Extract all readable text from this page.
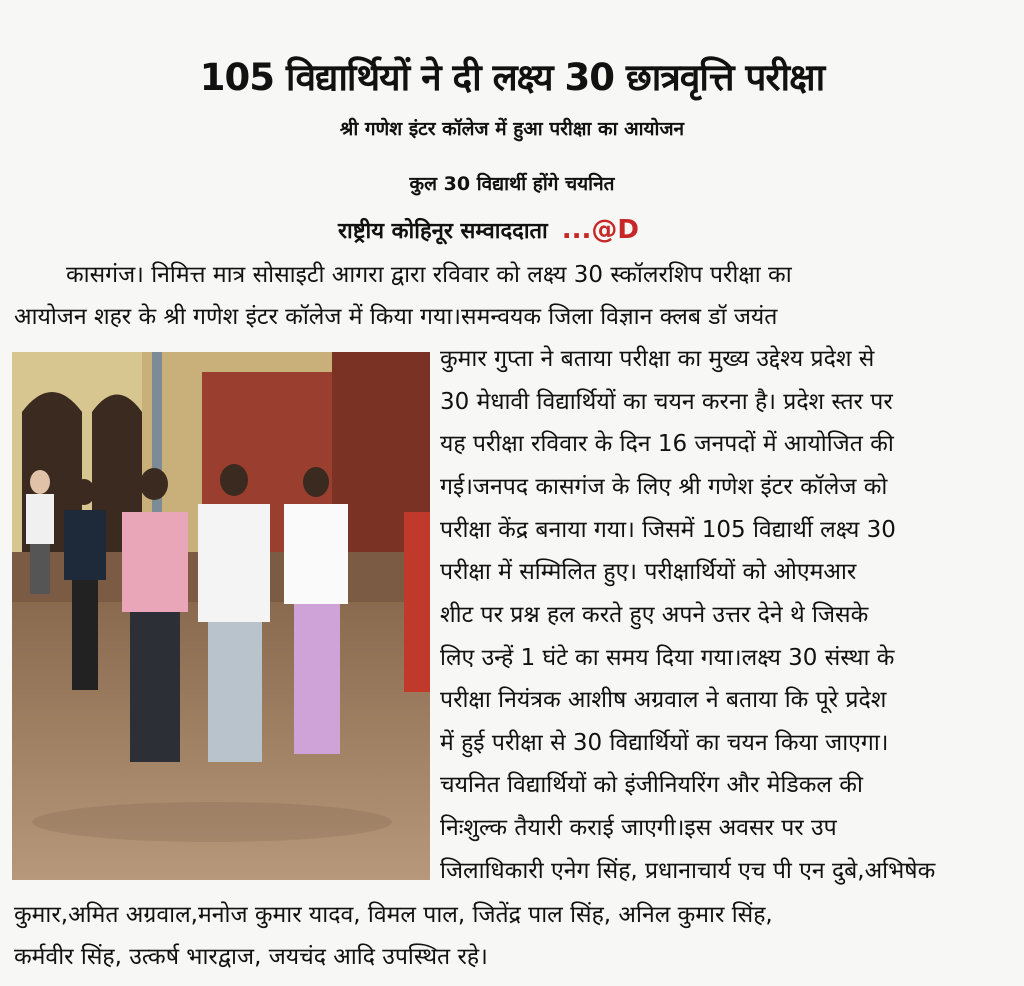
105 विद्यार्थियों ने दी लक्ष्य 30 छात्रवृत्ति परीक्षा
श्री गणेश इंटर कॉलेज में हुआ परीक्षा का आयोजन
कुल 30 विद्यार्थी होंगे चयनित
राष्ट्रीय कोहिनूर सम्वाददाता ...@D
कासगंज। निमित्त मात्र सोसाइटी आगरा द्वारा रविवार को लक्ष्य 30 स्कॉलरशिप परीक्षा का
आयोजन शहर के श्री गणेश इंटर कॉलेज में किया गया।समन्वयक जिला विज्ञान क्लब डॉ जयंत
कुमार गुप्ता ने बताया परीक्षा का मुख्य उद्देश्य प्रदेश से
30 मेधावी विद्यार्थियों का चयन करना है। प्रदेश स्तर पर
यह परीक्षा रविवार के दिन 16 जनपदों में आयोजित की
गई।जनपद कासगंज के लिए श्री गणेश इंटर कॉलेज को
परीक्षा केंद्र बनाया गया। जिसमें 105 विद्यार्थी लक्ष्य 30
परीक्षा में सम्मिलित हुए। परीक्षार्थियों को ओएमआर
शीट पर प्रश्न हल करते हुए अपने उत्तर देने थे जिसके
लिए उन्हें 1 घंटे का समय दिया गया।लक्ष्य 30 संस्था के
परीक्षा नियंत्रक आशीष अग्रवाल ने बताया कि पूरे प्रदेश
में हुई परीक्षा से 30 विद्यार्थियों का चयन किया जाएगा।
चयनित विद्यार्थियों को इंजीनियरिंग और मेडिकल की
निःशुल्क तैयारी कराई जाएगी।इस अवसर पर उप
जिलाधिकारी एनेग सिंह, प्रधानाचार्य एच पी एन दुबे,अभिषेक
कुमार,अमित अग्रवाल,मनोज कुमार यादव, विमल पाल, जितेंद्र पाल सिंह, अनिल कुमार सिंह,
कर्मवीर सिंह, उत्कर्ष भारद्वाज, जयचंद आदि उपस्थित रहे।
